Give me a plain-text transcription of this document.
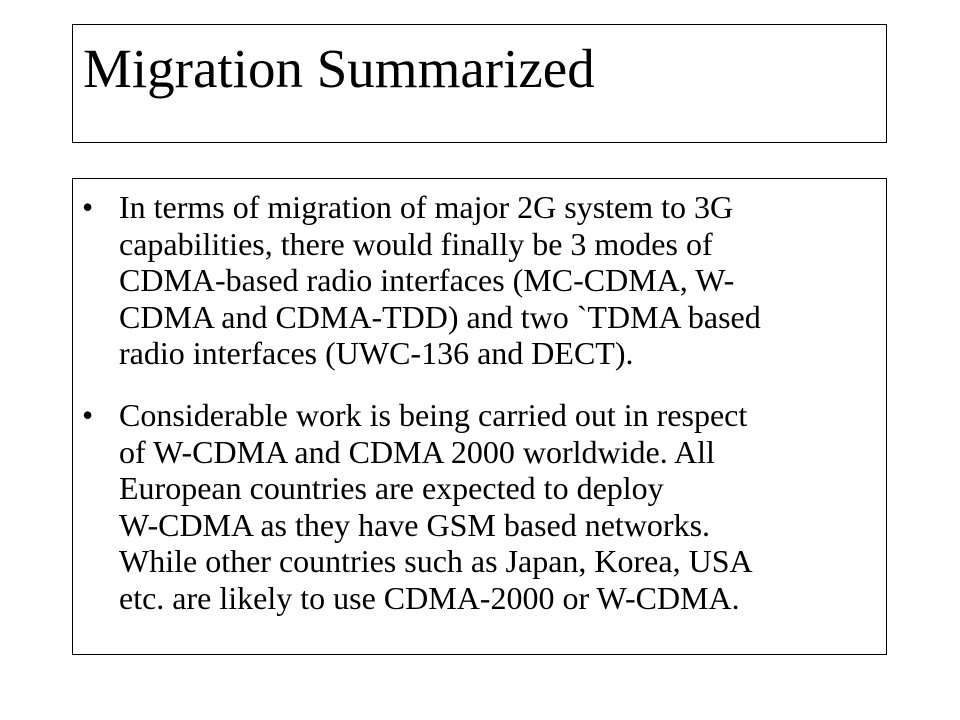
Migration Summarized
• In terms of migration of major 2G system to 3G
capabilities, there would finally be 3 modes of
CDMA-based radio interfaces (MC-CDMA, W-
CDMA and CDMA-TDD) and two `TDMA based
radio interfaces (UWC-136 and DECT).
• Considerable work is being carried out in respect
of W-CDMA and CDMA 2000 worldwide. All
European countries are expected to deploy
W-CDMA as they have GSM based networks.
While other countries such as Japan, Korea, USA
etc. are likely to use CDMA-2000 or W-CDMA.
